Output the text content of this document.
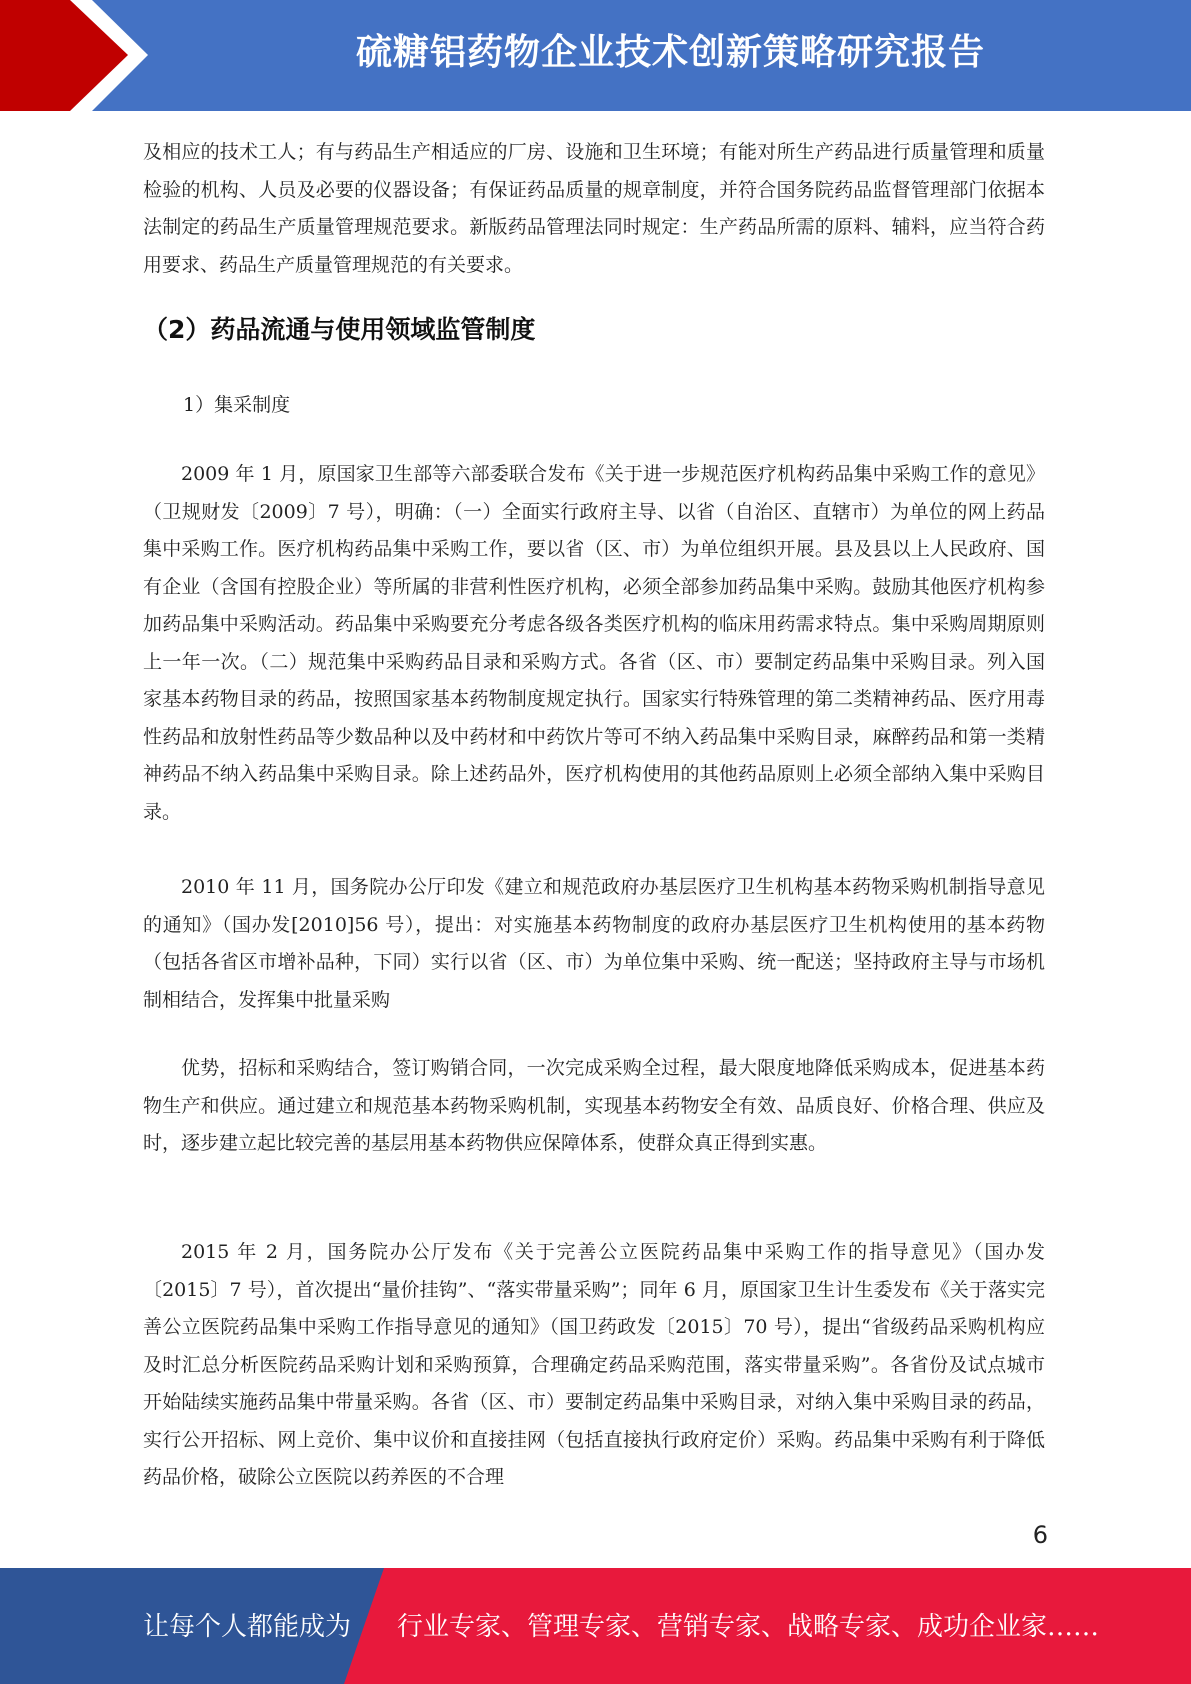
硫糖铝药物企业技术创新策略研究报告

及相应的技术工人；有与药品生产相适应的厂房、设施和卫生环境；有能对所生产药品进行质量管理和质量检验的机构、人员及必要的仪器设备；有保证药品质量的规章制度，并符合国务院药品监督管理部门依据本法制定的药品生产质量管理规范要求。新版药品管理法同时规定：生产药品所需的原料、辅料，应当符合药用要求、药品生产质量管理规范的有关要求。

（2）药品流通与使用领域监管制度

1）集采制度

2009 年 1 月，原国家卫生部等六部委联合发布《关于进一步规范医疗机构药品集中采购工作的意见》（卫规财发〔2009〕7 号），明确：（一）全面实行政府主导、以省（自治区、直辖市）为单位的网上药品集中采购工作。医疗机构药品集中采购工作，要以省（区、市）为单位组织开展。县及县以上人民政府、国有企业（含国有控股企业）等所属的非营利性医疗机构，必须全部参加药品集中采购。鼓励其他医疗机构参加药品集中采购活动。药品集中采购要充分考虑各级各类医疗机构的临床用药需求特点。集中采购周期原则上一年一次。（二）规范集中采购药品目录和采购方式。各省（区、市）要制定药品集中采购目录。列入国家基本药物目录的药品，按照国家基本药物制度规定执行。国家实行特殊管理的第二类精神药品、医疗用毒性药品和放射性药品等少数品种以及中药材和中药饮片等可不纳入药品集中采购目录，麻醉药品和第一类精神药品不纳入药品集中采购目录。除上述药品外，医疗机构使用的其他药品原则上必须全部纳入集中采购目录。

2010 年 11 月，国务院办公厅印发《建立和规范政府办基层医疗卫生机构基本药物采购机制指导意见的通知》（国办发[2010]56 号），提出：对实施基本药物制度的政府办基层医疗卫生机构使用的基本药物（包括各省区市增补品种，下同）实行以省（区、市）为单位集中采购、统一配送；坚持政府主导与市场机制相结合，发挥集中批量采购

优势，招标和采购结合，签订购销合同，一次完成采购全过程，最大限度地降低采购成本，促进基本药物生产和供应。通过建立和规范基本药物采购机制，实现基本药物安全有效、品质良好、价格合理、供应及时，逐步建立起比较完善的基层用基本药物供应保障体系，使群众真正得到实惠。

2015 年 2 月，国务院办公厅发布《关于完善公立医院药品集中采购工作的指导意见》（国办发〔2015〕7 号），首次提出“量价挂钩”、“落实带量采购”；同年 6 月，原国家卫生计生委发布《关于落实完善公立医院药品集中采购工作指导意见的通知》（国卫药政发〔2015〕70 号），提出“省级药品采购机构应及时汇总分析医院药品采购计划和采购预算，合理确定药品采购范围，落实带量采购”。各省份及试点城市开始陆续实施药品集中带量采购。各省（区、市）要制定药品集中采购目录，对纳入集中采购目录的药品，实行公开招标、网上竞价、集中议价和直接挂网（包括直接执行政府定价）采购。药品集中采购有利于降低药品价格，破除公立医院以药养医的不合理

6
让每个人都能成为 行业专家、管理专家、营销专家、战略专家、成功企业家……
